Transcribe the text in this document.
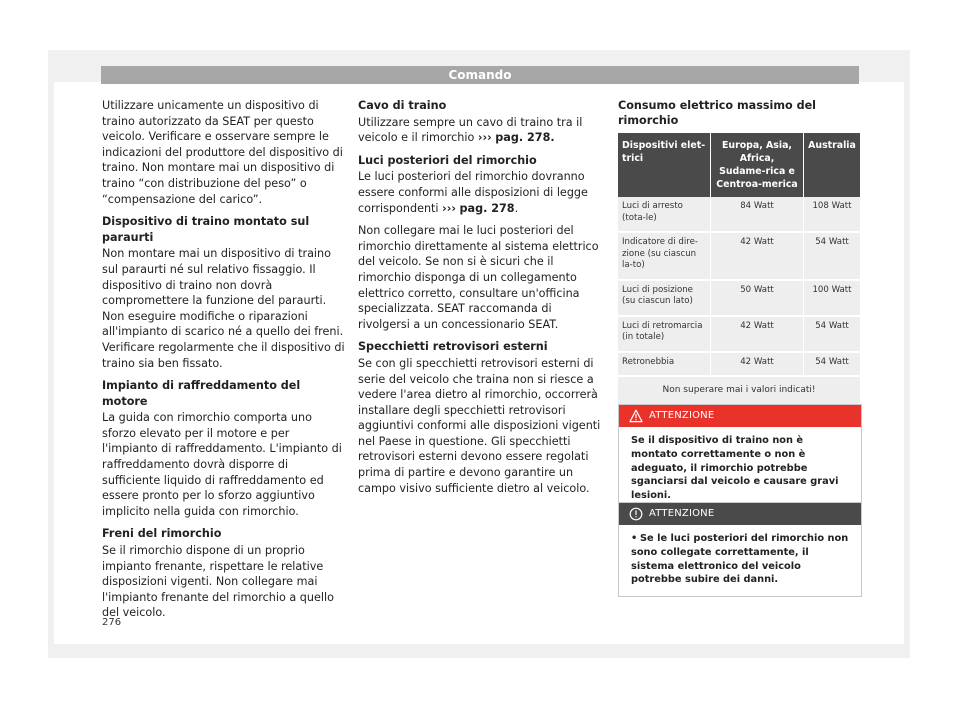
Comando

Utilizzare unicamente un dispositivo di traino autorizzato da SEAT per questo veicolo. Verificare e osservare sempre le indicazioni del produttore del dispositivo di traino. Non montare mai un dispositivo di traino “con distribuzione del peso” o “compensazione del carico”.

Dispositivo di traino montato sul paraurti

Non montare mai un dispositivo di traino sul paraurti né sul relativo fissaggio. Il dispositivo di traino non dovrà compromettere la funzione del paraurti. Non eseguire modifiche o riparazioni all'impianto di scarico né a quello dei freni. Verificare regolarmente che il dispositivo di traino sia ben fissato.

Impianto di raffreddamento del motore

La guida con rimorchio comporta uno sforzo elevato per il motore e per l'impianto di raffreddamento. L'impianto di raffreddamento dovrà disporre di sufficiente liquido di raffreddamento ed essere pronto per lo sforzo aggiuntivo implicito nella guida con rimorchio.

Freni del rimorchio

Se il rimorchio dispone di un proprio impianto frenante, rispettare le relative disposizioni vigenti. Non collegare mai l'impianto frenante del rimorchio a quello del veicolo.

Cavo di traino

Utilizzare sempre un cavo di traino tra il veicolo e il rimorchio ››› pag. 278.

Luci posteriori del rimorchio

Le luci posteriori del rimorchio dovranno essere conformi alle disposizioni di legge corrispondenti ››› pag. 278.

Non collegare mai le luci posteriori del rimorchio direttamente al sistema elettrico del veicolo. Se non si è sicuri che il rimorchio disponga di un collegamento elettrico corretto, consultare un'officina specializzata. SEAT raccomanda di rivolgersi a un concessionario SEAT.

Specchietti retrovisori esterni

Se con gli specchietti retrovisori esterni di serie del veicolo che traina non si riesce a vedere l'area dietro al rimorchio, occorrerà installare degli specchietti retrovisori aggiuntivi conformi alle disposizioni vigenti nel Paese in questione. Gli specchietti retrovisori esterni devono essere regolati prima di partire e devono garantire un campo visivo sufficiente dietro al veicolo.

Consumo elettrico massimo del rimorchio
Dispositivi elet-trici	Europa, Asia, Africa, Sudame-rica e Centroa-merica	Australia
Luci di arresto (tota-le)	84 Watt	108 Watt
Indicatore di dire-zione (su ciascun la-to)	42 Watt	54 Watt
Luci di posizione (su ciascun lato)	50 Watt	100 Watt
Luci di retromarcia (in totale)	42 Watt	54 Watt
Retronebbia	42 Watt	54 Watt
Non superare mai i valori indicati!		
ATTENZIONE
Se il dispositivo di traino non è montato correttamente o non è adeguato, il rimorchio potrebbe sganciarsi dal veicolo e causare gravi lesioni.
ATTENZIONE
• Se le luci posteriori del rimorchio non sono collegate correttamente, il sistema elettronico del veicolo potrebbe subire dei danni.
276
